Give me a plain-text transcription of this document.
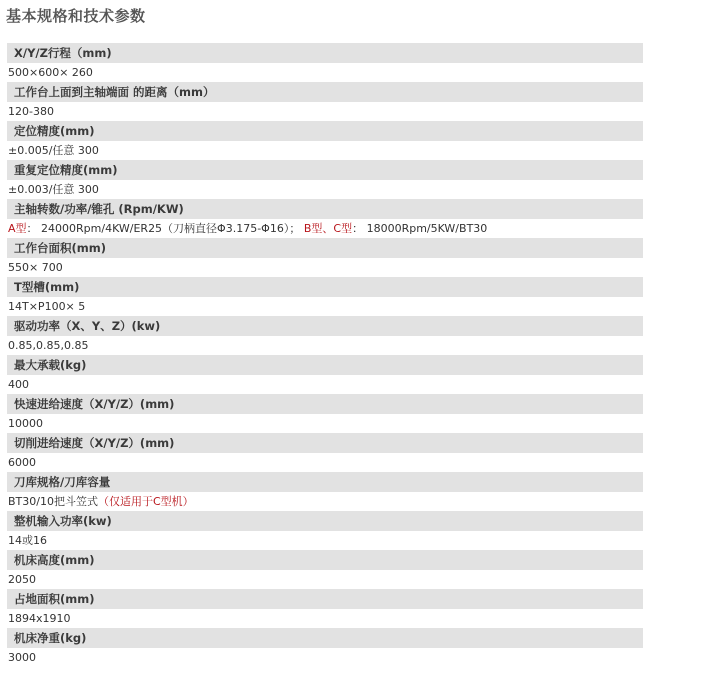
基本规格和技术参数
X/Y/Z行程（mm)
500×600× 260
工作台上面到主轴端面 的距离（mm）
120-380
定位精度(mm)
±0.005/任意 300
重复定位精度(mm)
±0.003/任意 300
主轴转数/功率/锥孔 (Rpm/KW)
A型： 24000Rpm/4KW/ER25（刀柄直径Φ3.175-Φ16）； B型、C型： 18000Rpm/5KW/BT30
工作台面积(mm)
550× 700
T型槽(mm)
14T×P100× 5
驱动功率（X、Y、Z）(kw)
0.85,0.85,0.85
最大承载(kg)
400
快速进给速度（X/Y/Z）(mm)
10000
切削进给速度（X/Y/Z）(mm)
6000
刀库规格/刀库容量
BT30/10把斗笠式（仅适用于C型机）
整机输入功率(kw)
14或16
机床高度(mm)
2050
占地面积(mm)
1894x1910
机床净重(kg)
3000
